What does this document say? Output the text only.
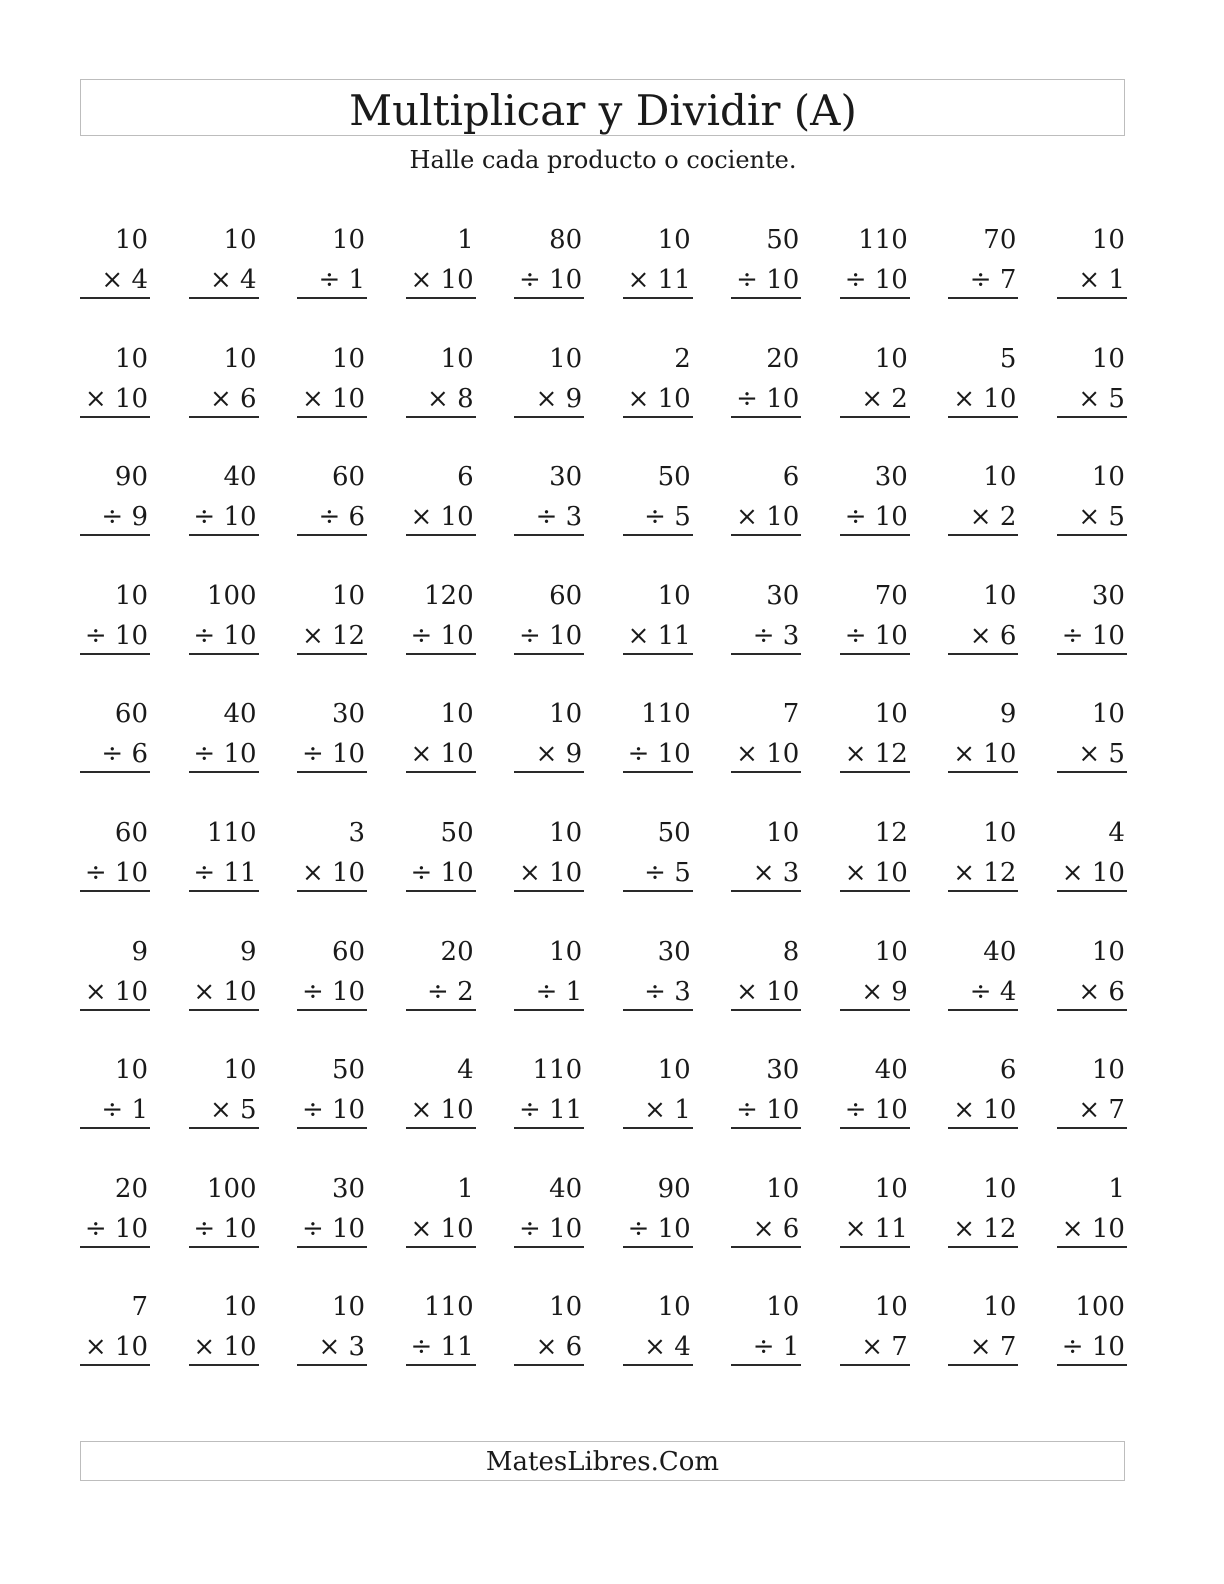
Multiplicar y Dividir (A)
Halle cada producto o cociente.
10
× 4
10
× 4
10
÷ 1
1
× 10
80
÷ 10
10
× 11
50
÷ 10
110
÷ 10
70
÷ 7
10
× 1
10
× 10
10
× 6
10
× 10
10
× 8
10
× 9
2
× 10
20
÷ 10
10
× 2
5
× 10
10
× 5
90
÷ 9
40
÷ 10
60
÷ 6
6
× 10
30
÷ 3
50
÷ 5
6
× 10
30
÷ 10
10
× 2
10
× 5
10
÷ 10
100
÷ 10
10
× 12
120
÷ 10
60
÷ 10
10
× 11
30
÷ 3
70
÷ 10
10
× 6
30
÷ 10
60
÷ 6
40
÷ 10
30
÷ 10
10
× 10
10
× 9
110
÷ 10
7
× 10
10
× 12
9
× 10
10
× 5
60
÷ 10
110
÷ 11
3
× 10
50
÷ 10
10
× 10
50
÷ 5
10
× 3
12
× 10
10
× 12
4
× 10
9
× 10
9
× 10
60
÷ 10
20
÷ 2
10
÷ 1
30
÷ 3
8
× 10
10
× 9
40
÷ 4
10
× 6
10
÷ 1
10
× 5
50
÷ 10
4
× 10
110
÷ 11
10
× 1
30
÷ 10
40
÷ 10
6
× 10
10
× 7
20
÷ 10
100
÷ 10
30
÷ 10
1
× 10
40
÷ 10
90
÷ 10
10
× 6
10
× 11
10
× 12
1
× 10
7
× 10
10
× 10
10
× 3
110
÷ 11
10
× 6
10
× 4
10
÷ 1
10
× 7
10
× 7
100
÷ 10
MatesLibres.Com
